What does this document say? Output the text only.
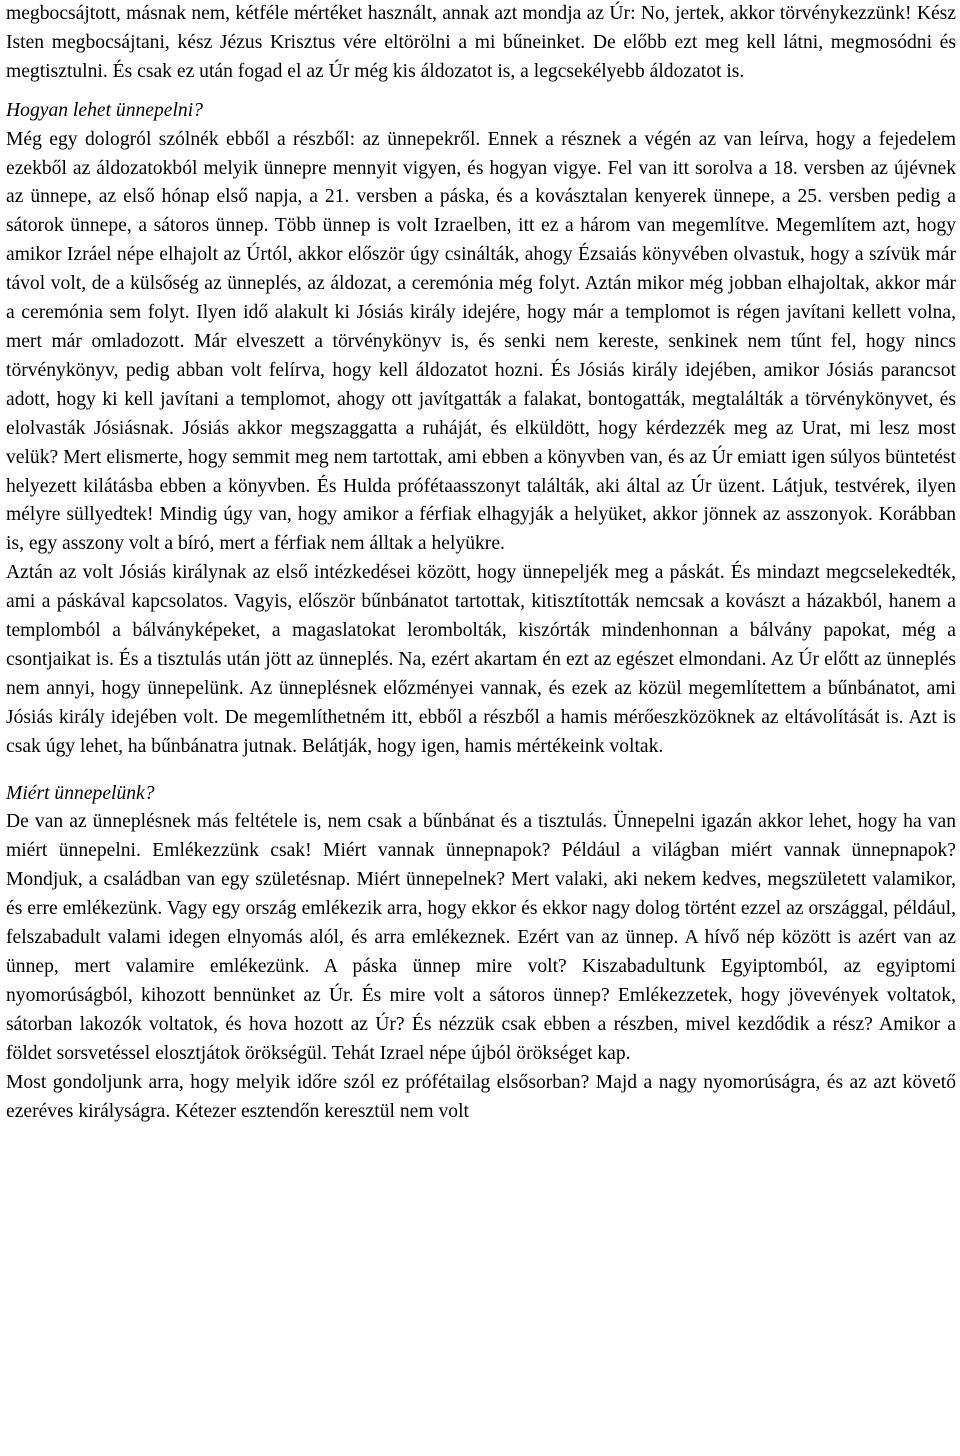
megbocsájtott, másnak nem, kétféle mértéket használt, annak azt mondja az Úr: No, jertek, akkor törvénykezzünk! Kész Isten megbocsájtani, kész Jézus Krisztus vére eltörölni a mi bűneinket. De előbb ezt meg kell látni, megmosódni és megtisztulni. És csak ez után fogad el az Úr még kis áldozatot is, a legcsekélyebb áldozatot is.

Hogyan lehet ünnepelni?

Még egy dologról szólnék ebből a részből: az ünnepekről. Ennek a résznek a végén az van leírva, hogy a fejedelem ezekből az áldozatokból melyik ünnepre mennyit vigyen, és hogyan vigye. Fel van itt sorolva a 18. versben az újévnek az ünnepe, az első hónap első napja, a 21. versben a páska, és a kovásztalan kenyerek ünnepe, a 25. versben pedig a sátorok ünnepe, a sátoros ünnep. Több ünnep is volt Izraelben, itt ez a három van megemlítve. Megemlítem azt, hogy amikor Izráel népe elhajolt az Úrtól, akkor először úgy csinálták, ahogy Ézsaiás könyvében olvastuk, hogy a szívük már távol volt, de a külsőség az ünneplés, az áldozat, a ceremónia még folyt. Aztán mikor még jobban elhajoltak, akkor már a ceremónia sem folyt. Ilyen idő alakult ki Jósiás király idejére, hogy már a templomot is régen javítani kellett volna, mert már omladozott. Már elveszett a törvénykönyv is, és senki nem kereste, senkinek nem tűnt fel, hogy nincs törvénykönyv, pedig abban volt felírva, hogy kell áldozatot hozni. És Jósiás király idejében, amikor Jósiás parancsot adott, hogy ki kell javítani a templomot, ahogy ott javítgatták a falakat, bontogatták, megtalálták a törvénykönyvet, és elolvasták Jósiásnak. Jósiás akkor megszaggatta a ruháját, és elküldött, hogy kérdezzék meg az Urat, mi lesz most velük? Mert elismerte, hogy semmit meg nem tartottak, ami ebben a könyvben van, és az Úr emiatt igen súlyos büntetést helyezett kilátásba ebben a könyvben. És Hulda prófétaasszonyt találták, aki által az Úr üzent. Látjuk, testvérek, ilyen mélyre süllyedtek! Mindig úgy van, hogy amikor a férfiak elhagyják a helyüket, akkor jönnek az asszonyok. Korábban is, egy asszony volt a bíró, mert a férfiak nem álltak a helyükre.

Aztán az volt Jósiás királynak az első intézkedései között, hogy ünnepeljék meg a páskát. És mindazt megcselekedték, ami a páskával kapcsolatos. Vagyis, először bűnbánatot tartottak, kitisztították nemcsak a kovászt a házakból, hanem a templomból a bálványképeket, a magaslatokat lerombolták, kiszórták mindenhonnan a bálvány papokat, még a csontjaikat is. És a tisztulás után jött az ünneplés. Na, ezért akartam én ezt az egészet elmondani. Az Úr előtt az ünneplés nem annyi, hogy ünnepelünk. Az ünneplésnek előzményei vannak, és ezek az közül megemlítettem a bűnbánatot, ami Jósiás király idejében volt. De megemlíthetném itt, ebből a részből a hamis mérőeszközöknek az eltávolítását is. Azt is csak úgy lehet, ha bűnbánatra jutnak. Belátják, hogy igen, hamis mértékeink voltak.

Miért ünnepelünk?

De van az ünneplésnek más feltétele is, nem csak a bűnbánat és a tisztulás. Ünnepelni igazán akkor lehet, hogy ha van miért ünnepelni. Emlékezzünk csak! Miért vannak ünnepnapok? Például a világban miért vannak ünnepnapok? Mondjuk, a családban van egy születésnap. Miért ünnepelnek? Mert valaki, aki nekem kedves, megszületett valamikor, és erre emlékezünk. Vagy egy ország emlékezik arra, hogy ekkor és ekkor nagy dolog történt ezzel az országgal, például, felszabadult valami idegen elnyomás alól, és arra emlékeznek. Ezért van az ünnep. A hívő nép között is azért van az ünnep, mert valamire emlékezünk. A páska ünnep mire volt? Kiszabadultunk Egyiptomból, az egyiptomi nyomorúságból, kihozott bennünket az Úr. És mire volt a sátoros ünnep? Emlékezzetek, hogy jövevények voltatok, sátorban lakozók voltatok, és hova hozott az Úr? És nézzük csak ebben a részben, mivel kezdődik a rész? Amikor a földet sorsvetéssel elosztjátok örökségül. Tehát Izrael népe újból örökséget kap.

Most gondoljunk arra, hogy melyik időre szól ez prófétailag elsősorban? Majd a nagy nyomorúságra, és az azt követő ezeréves királyságra. Kétezer esztendőn keresztül nem volt
